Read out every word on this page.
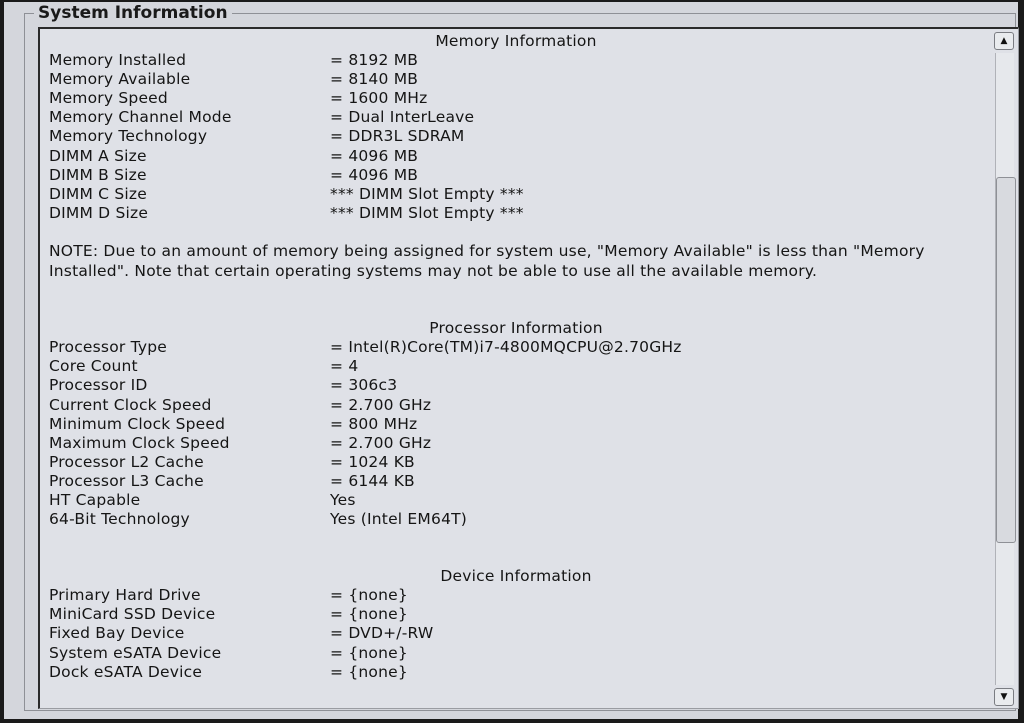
System Information
Memory Information
Memory Installed	= 8192 MB
Memory Available	= 8140 MB
Memory Speed	= 1600 MHz
Memory Channel Mode	= Dual InterLeave
Memory Technology	= DDR3L SDRAM
DIMM A Size	= 4096 MB
DIMM B Size	= 4096 MB
DIMM C Size	*** DIMM Slot Empty ***
DIMM D Size	*** DIMM Slot Empty ***
NOTE: Due to an amount of memory being assigned for system use, "Memory Available" is less than "Memory Installed". Note that certain operating systems may not be able to use all the available memory.
Processor Information
Processor Type	= Intel(R)Core(TM)i7-4800MQCPU@2.70GHz
Core Count	= 4
Processor ID	= 306c3
Current Clock Speed	= 2.700 GHz
Minimum Clock Speed	= 800 MHz
Maximum Clock Speed	= 2.700 GHz
Processor L2 Cache	= 1024 KB
Processor L3 Cache	= 6144 KB
HT Capable	Yes
64-Bit Technology	Yes (Intel EM64T)
Device Information
Primary Hard Drive	= {none}
MiniCard SSD Device	= {none}
Fixed Bay Device	= DVD+/-RW
System eSATA Device	= {none}
Dock eSATA Device	= {none}
▲
▼
